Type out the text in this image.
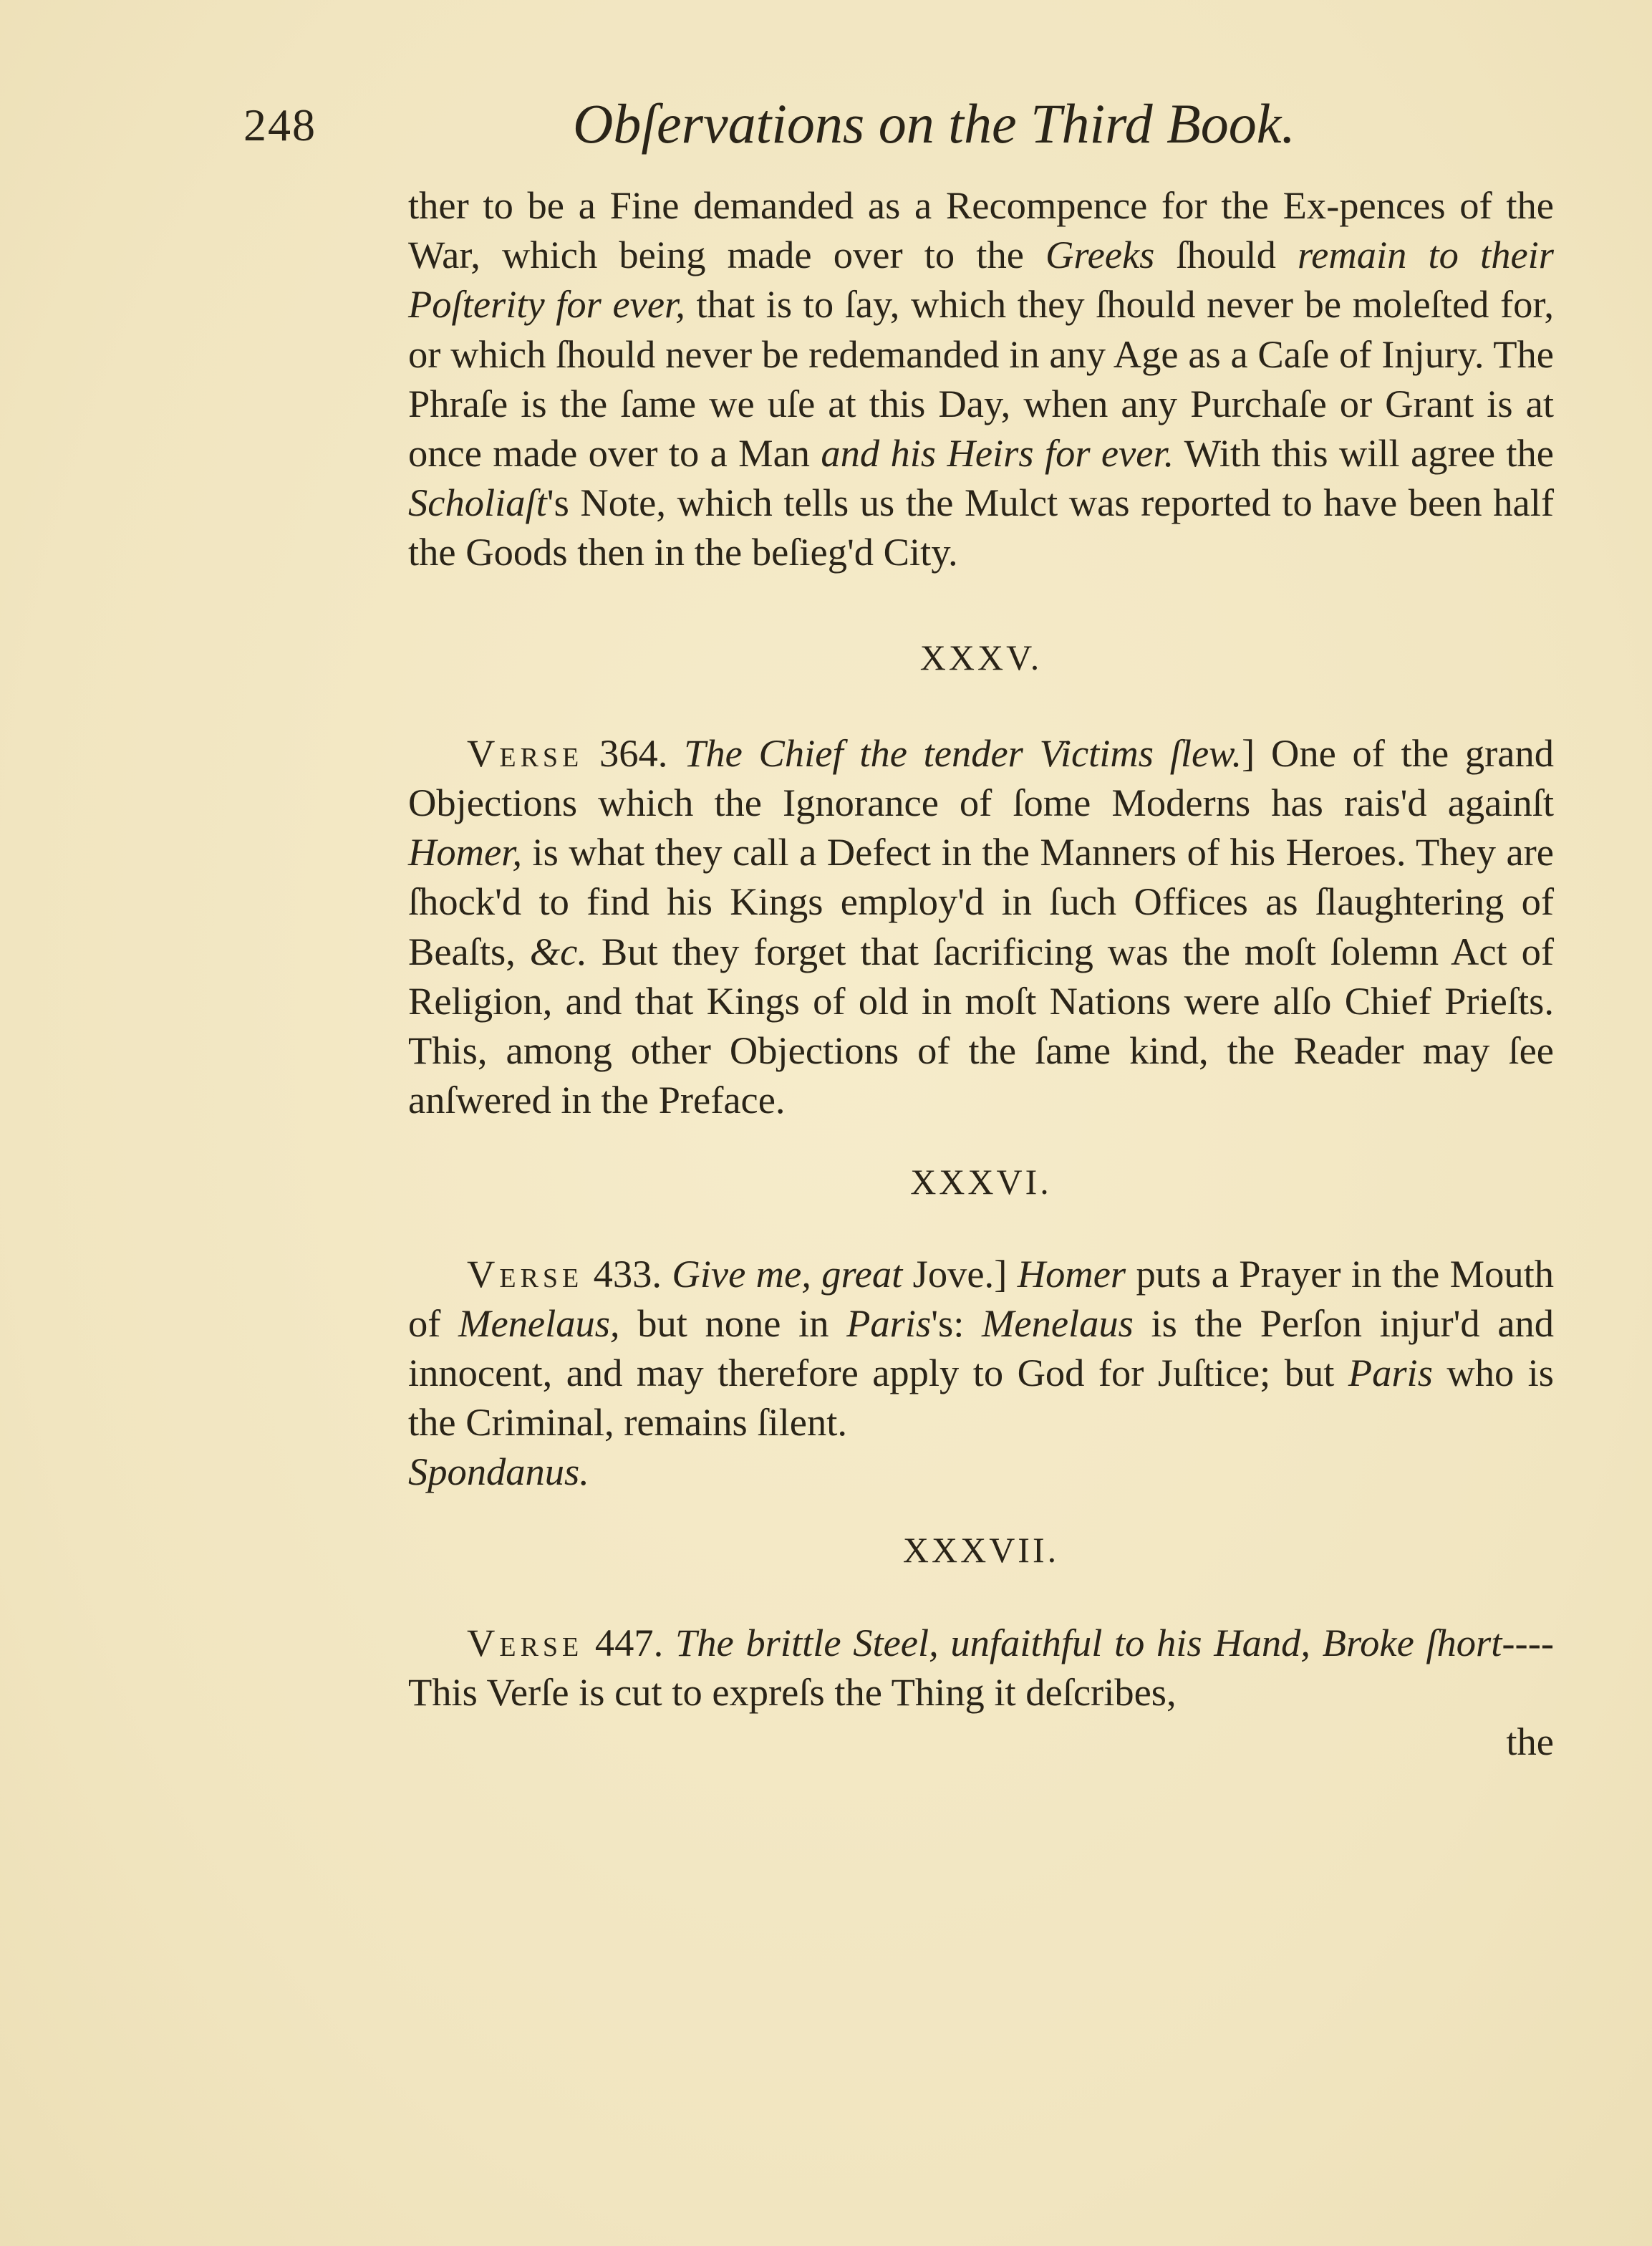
248	Obſervations on the Third Book.

ther to be a Fine demanded as a Recompence for the Ex-pences of the War, which being made over to the Greeks ſhould remain to their Poſterity for ever, that is to ſay, which they ſhould never be moleſted for, or which ſhould never be redemanded in any Age as a Caſe of Injury. The Phraſe is the ſame we uſe at this Day, when any Purchaſe or Grant is at once made over to a Man and his Heirs for ever. With this will agree the Scholiaſt's Note, which tells us the Mulct was reported to have been half the Goods then in the beſieg'd City.

XXXV.

Verse 364. The Chief the tender Victims ſlew.] One of the grand Objections which the Ignorance of ſome Moderns has rais'd againſt Homer, is what they call a Defect in the Manners of his Heroes. They are ſhock'd to find his Kings employ'd in ſuch Offices as ſlaughtering of Beaſts, &c. But they forget that ſacrificing was the moſt ſolemn Act of Religion, and that Kings of old in moſt Nations were alſo Chief Prieſts. This, among other Objections of the ſame kind, the Reader may ſee anſwered in the Preface.

XXXVI.

Verse 433. Give me, great Jove.] Homer puts a Prayer in the Mouth of Menelaus, but none in Paris's: Menelaus is the Perſon injur'd and innocent, and may therefore apply to God for Juſtice; but Paris who is the Criminal, remains ſilent.
Spondanus.

XXXVII.

Verse 447. The brittle Steel, unfaithful to his Hand, Broke ſhort----This Verſe is cut to expreſs the Thing it deſcribes,

the
